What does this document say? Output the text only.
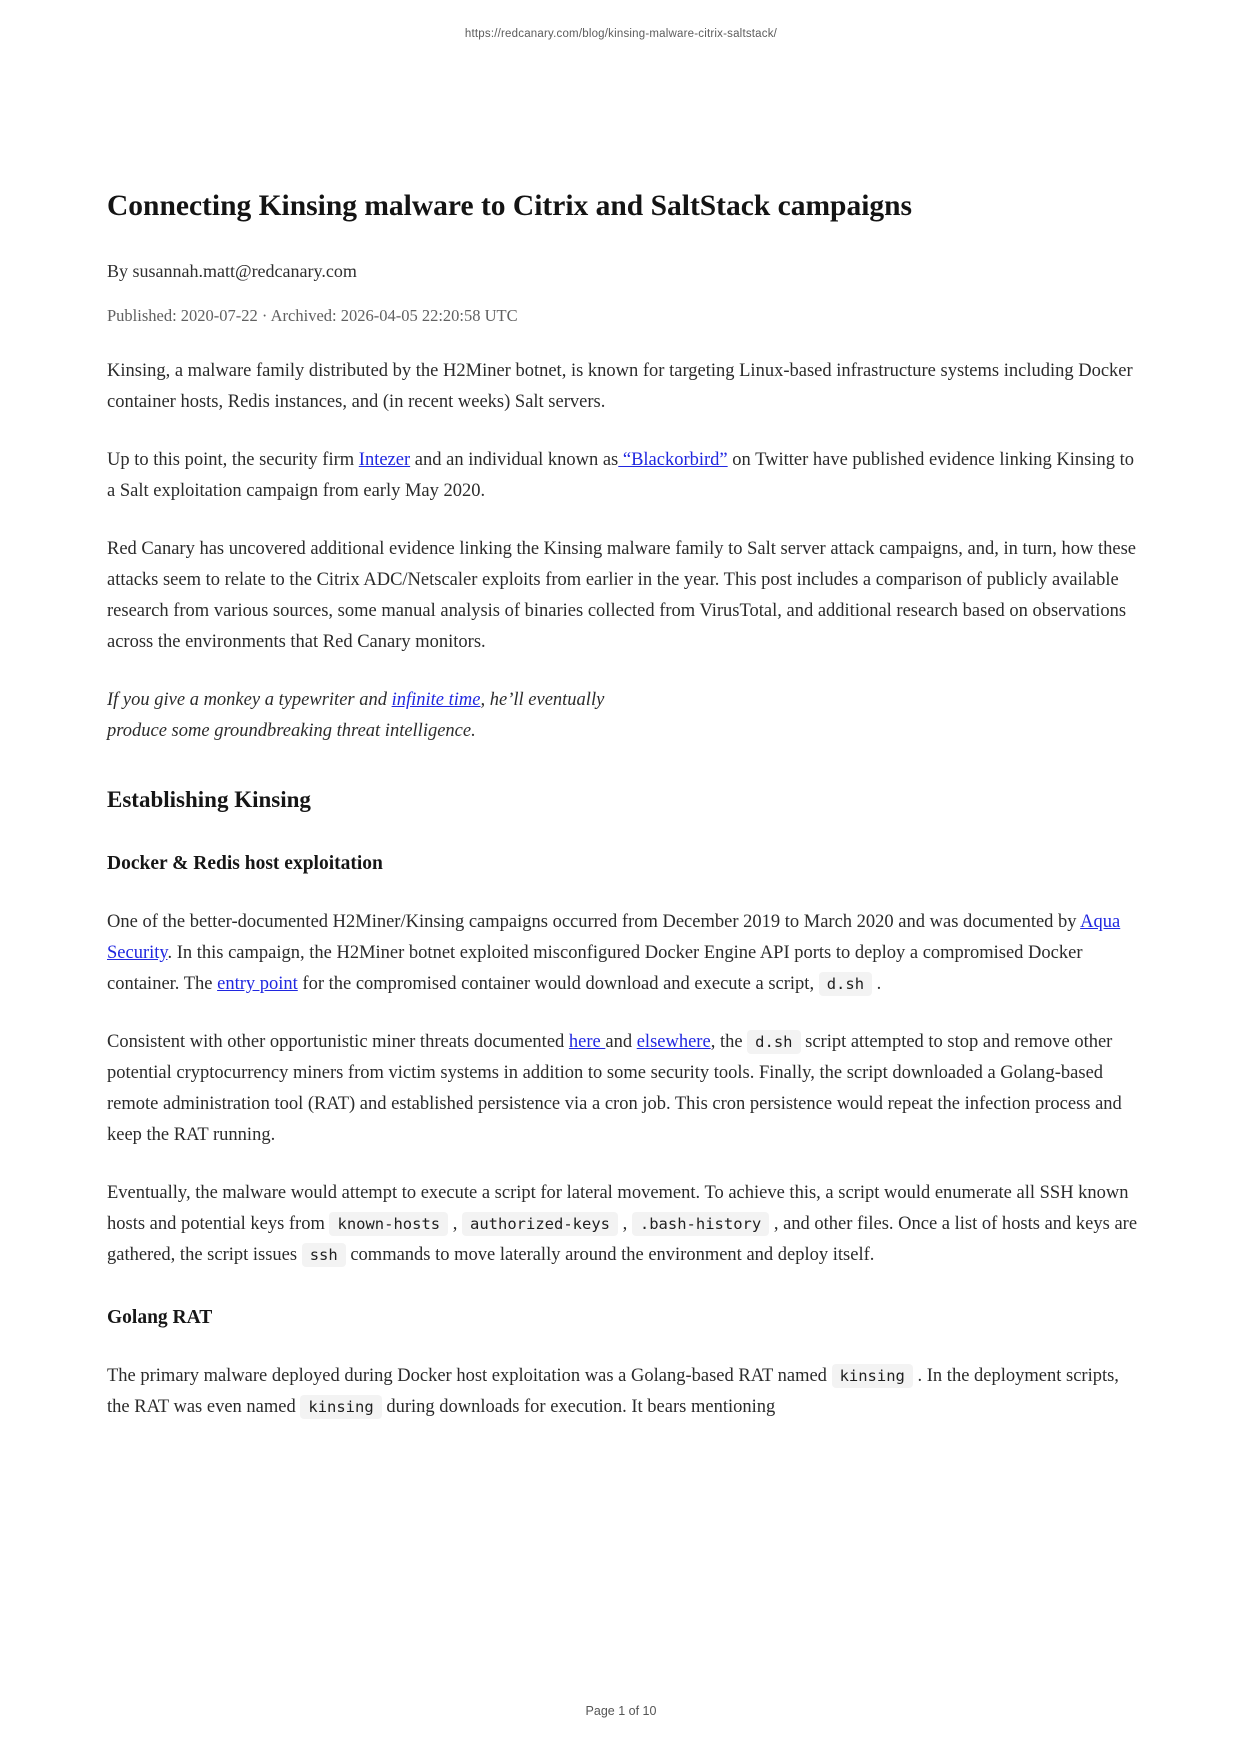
https://redcanary.com/blog/kinsing-malware-citrix-saltstack/
Connecting Kinsing malware to Citrix and SaltStack campaigns
By susannah.matt@redcanary.com
Published: 2020-07-22 · Archived: 2026-04-05 22:20:58 UTC

Kinsing, a malware family distributed by the H2Miner botnet, is known for targeting Linux-based infrastructure systems including Docker container hosts, Redis instances, and (in recent weeks) Salt servers.

Up to this point, the security firm Intezer and an individual known as “Blackorbird” on Twitter have published evidence linking Kinsing to a Salt exploitation campaign from early May 2020.

Red Canary has uncovered additional evidence linking the Kinsing malware family to Salt server attack campaigns, and, in turn, how these attacks seem to relate to the Citrix ADC/Netscaler exploits from earlier in the year. This post includes a comparison of publicly available research from various sources, some manual analysis of binaries collected from VirusTotal, and additional research based on observations across the environments that Red Canary monitors.

If you give a monkey a typewriter and infinite time, he’ll eventually
produce some groundbreaking threat intelligence.

Establishing Kinsing
Docker & Redis host exploitation

One of the better-documented H2Miner/Kinsing campaigns occurred from December 2019 to March 2020 and was documented by Aqua Security. In this campaign, the H2Miner botnet exploited misconfigured Docker Engine API ports to deploy a compromised Docker container. The entry point for the compromised container would download and execute a script, d.sh .

Consistent with other opportunistic miner threats documented here and elsewhere, the d.sh script attempted to stop and remove other potential cryptocurrency miners from victim systems in addition to some security tools. Finally, the script downloaded a Golang-based remote administration tool (RAT) and established persistence via a cron job. This cron persistence would repeat the infection process and keep the RAT running.

Eventually, the malware would attempt to execute a script for lateral movement. To achieve this, a script would enumerate all SSH known hosts and potential keys from known-hosts , authorized-keys , .bash-history , and other files. Once a list of hosts and keys are gathered, the script issues ssh commands to move laterally around the environment and deploy itself.

Golang RAT

The primary malware deployed during Docker host exploitation was a Golang-based RAT named kinsing . In the deployment scripts, the RAT was even named kinsing during downloads for execution. It bears mentioning

Page 1 of 10
